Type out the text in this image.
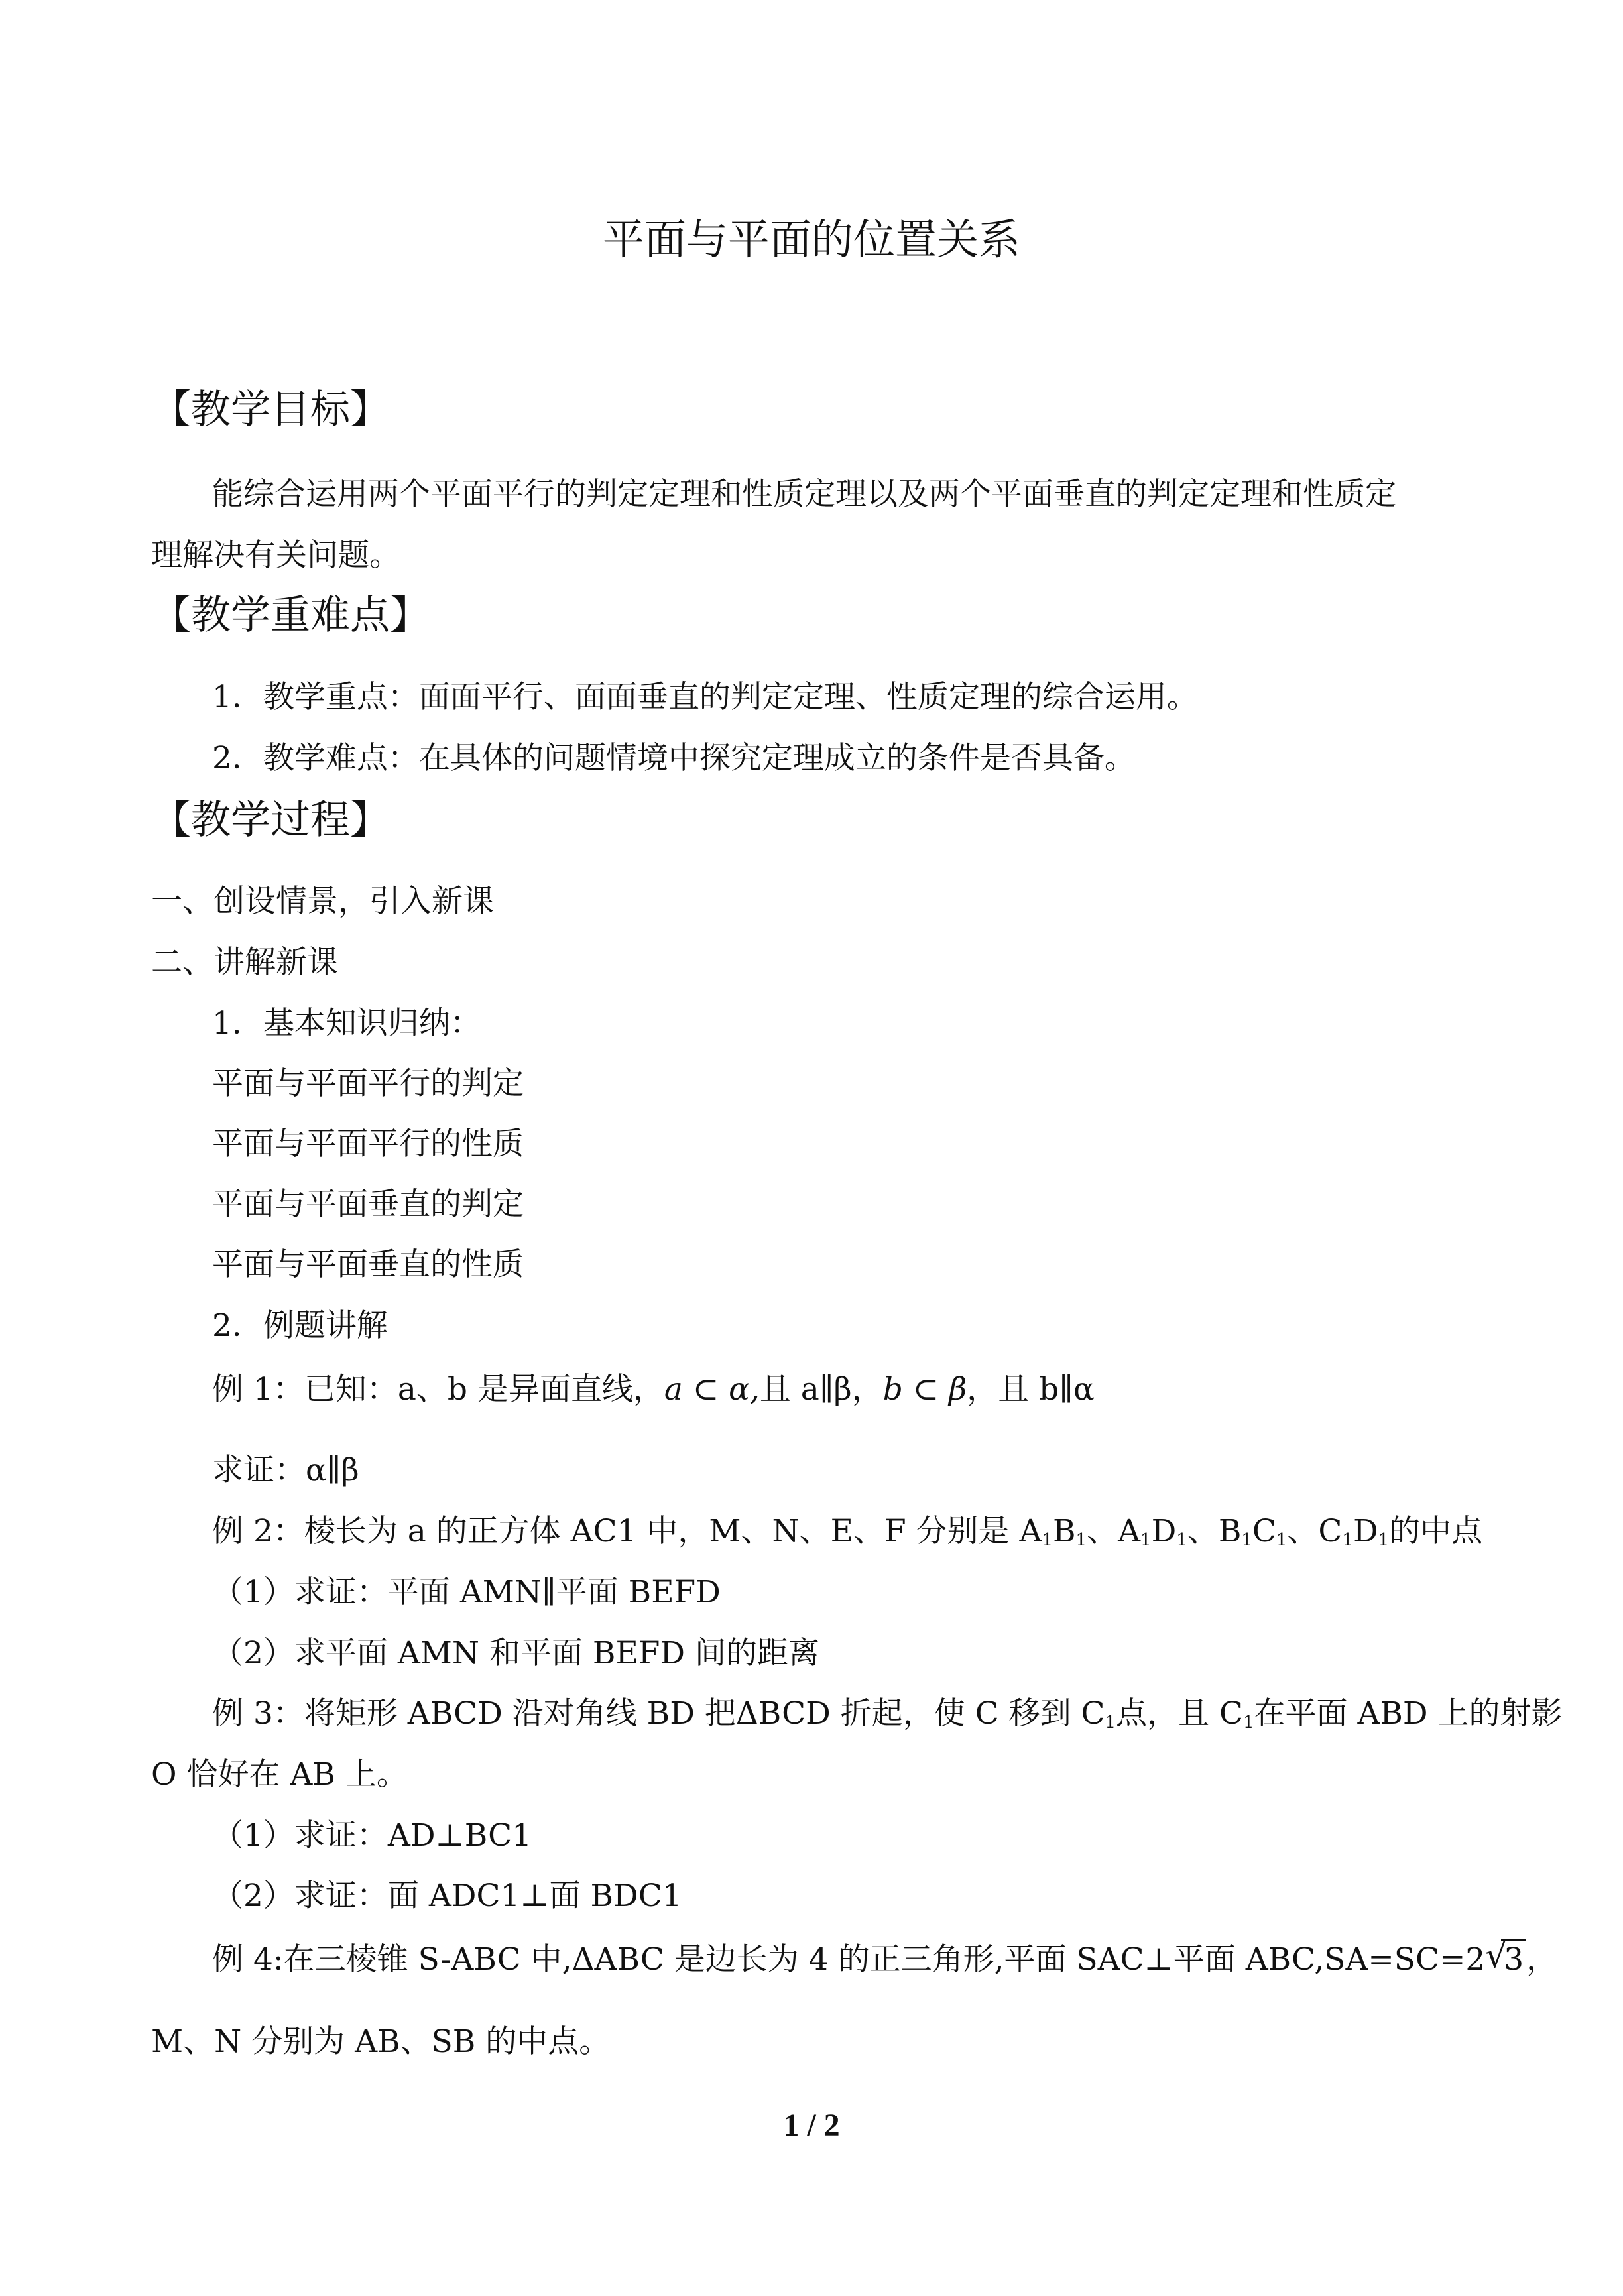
平面与平面的位置关系
【教学目标】
能综合运用两个平面平行的判定定理和性质定理以及两个平面垂直的判定定理和性质定
理解决有关问题。
【教学重难点】
1．教学重点：面面平行、面面垂直的判定定理、性质定理的综合运用。
2．教学难点：在具体的问题情境中探究定理成立的条件是否具备。
【教学过程】
一、创设情景，引入新课
二、讲解新课
1．基本知识归纳：
平面与平面平行的判定
平面与平面平行的性质
平面与平面垂直的判定
平面与平面垂直的性质
2．例题讲解
例 1：已知：a、b 是异面直线，a ⊂ α,且 a∥β，b ⊂ β，且 b∥α
求证：α∥β
例 2：棱长为 a 的正方体 AC1 中，M、N、E、F 分别是 $A_1B_1$、$A_1D_1$、$B_1C_1$、$C_1D_1$的中点
（1）求证：平面 AMN∥平面 BEFD
（2）求平面 AMN 和平面 BEFD 间的距离
例 3：将矩形 ABCD 沿对角线 BD 把ΔBCD 折起，使 C 移到 $C_1$点，且 $C_1$在平面 ABD 上的射影
O 恰好在 AB 上。
（1）求证：AD⊥BC1
（2）求证：面 ADC1⊥面 BDC1
例 4:在三棱锥 S-ABC 中,ΔABC 是边长为 4 的正三角形,平面 SAC⊥平面 ABC,SA=SC=2 √
3，
M、N 分别为 AB、SB 的中点。
1 / 2
